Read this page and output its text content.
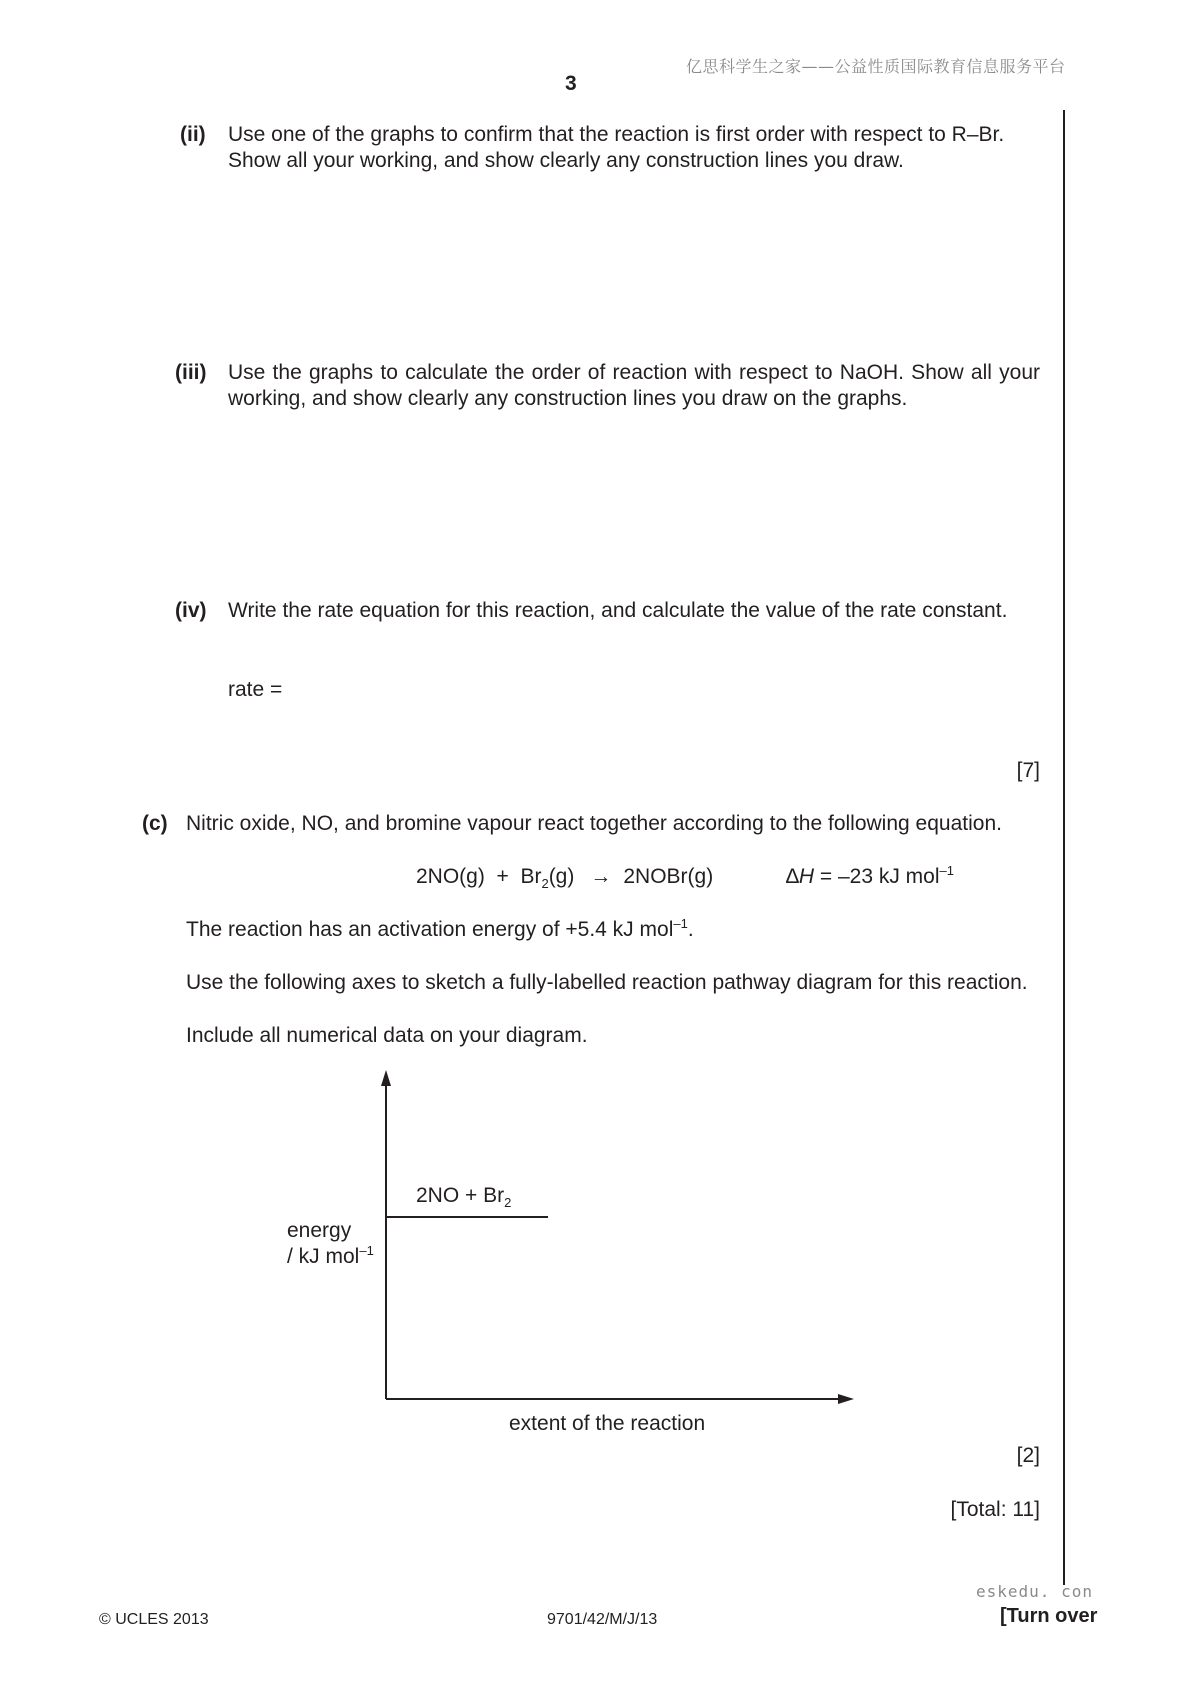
亿思科学生之家——公益性质国际教育信息服务平台
3
(ii) Use one of the graphs to confirm that the reaction is first order with respect to R–Br.
Show all your working, and show clearly any construction lines you draw.
(iii) Use the graphs to calculate the order of reaction with respect to NaOH. Show all your working, and show clearly any construction lines you draw on the graphs.
(iv) Write the rate equation for this reaction, and calculate the value of the rate constant.
rate =
[7]
(c) Nitric oxide, NO, and bromine vapour react together according to the following equation.
$2NO(g) + Br_2(g)$ → 2NOBr(g)	∆H = –23 kJ mol$^{-1}$
The reaction has an activation energy of +5.4 kJ mol$^{-1}$.
Use the following axes to sketch a fully-labelled reaction pathway diagram for this reaction.
Include all numerical data on your diagram.
$2NO + Br_2$
energy
/ kJ mol$^{-1}$
extent of the reaction
[2]
[Total: 11]
eskedu. con
© UCLES 2013	9701/42/M/J/13	[Turn over
